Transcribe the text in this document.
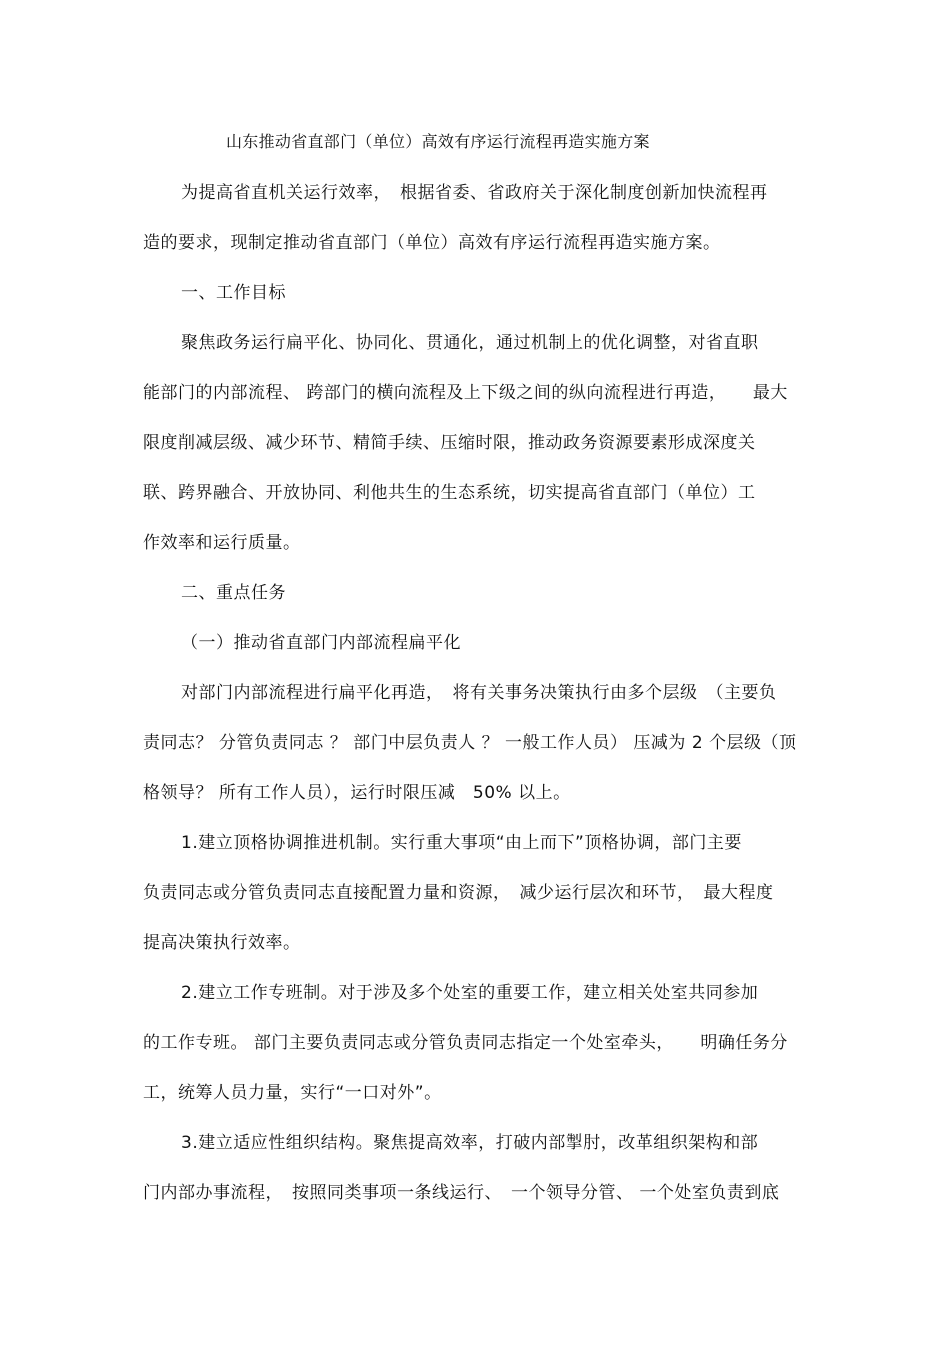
山东推动省直部门（单位）高效有序运行流程再造实施方案
为提高省直机关运行效率，　根据省委、省政府关于深化制度创新加快流程再
造的要求，现制定推动省直部门（单位）高效有序运行流程再造实施方案。
一、工作目标
聚焦政务运行扁平化、协同化、贯通化，通过机制上的优化调整，对省直职
能部门的内部流程、 跨部门的横向流程及上下级之间的纵向流程进行再造，　　最大
限度削减层级、减少环节、精简手续、压缩时限，推动政务资源要素形成深度关
联、跨界融合、开放协同、利他共生的生态系统，切实提高省直部门（单位）工
作效率和运行质量。
二、重点任务
（一）推动省直部门内部流程扁平化
对部门内部流程进行扁平化再造，　将有关事务决策执行由多个层级　（主要负
责同志？ 分管负责同志 ？ 部门中层负责人 ？ 一般工作人员） 压减为 2 个层级（顶
格领导？ 所有工作人员），运行时限压减　50% 以上。
1.建立顶格协调推进机制。实行重大事项“由上而下”顶格协调，部门主要
负责同志或分管负责同志直接配置力量和资源，　减少运行层次和环节，　最大程度
提高决策执行效率。
2.建立工作专班制。对于涉及多个处室的重要工作，建立相关处室共同参加
的工作专班。 部门主要负责同志或分管负责同志指定一个处室牵头，　　明确任务分
工，统筹人员力量，实行“一口对外”。
3.建立适应性组织结构。聚焦提高效率，打破内部掣肘，改革组织架构和部
门内部办事流程，　按照同类事项一条线运行、　一个领导分管、 一个处室负责到底
